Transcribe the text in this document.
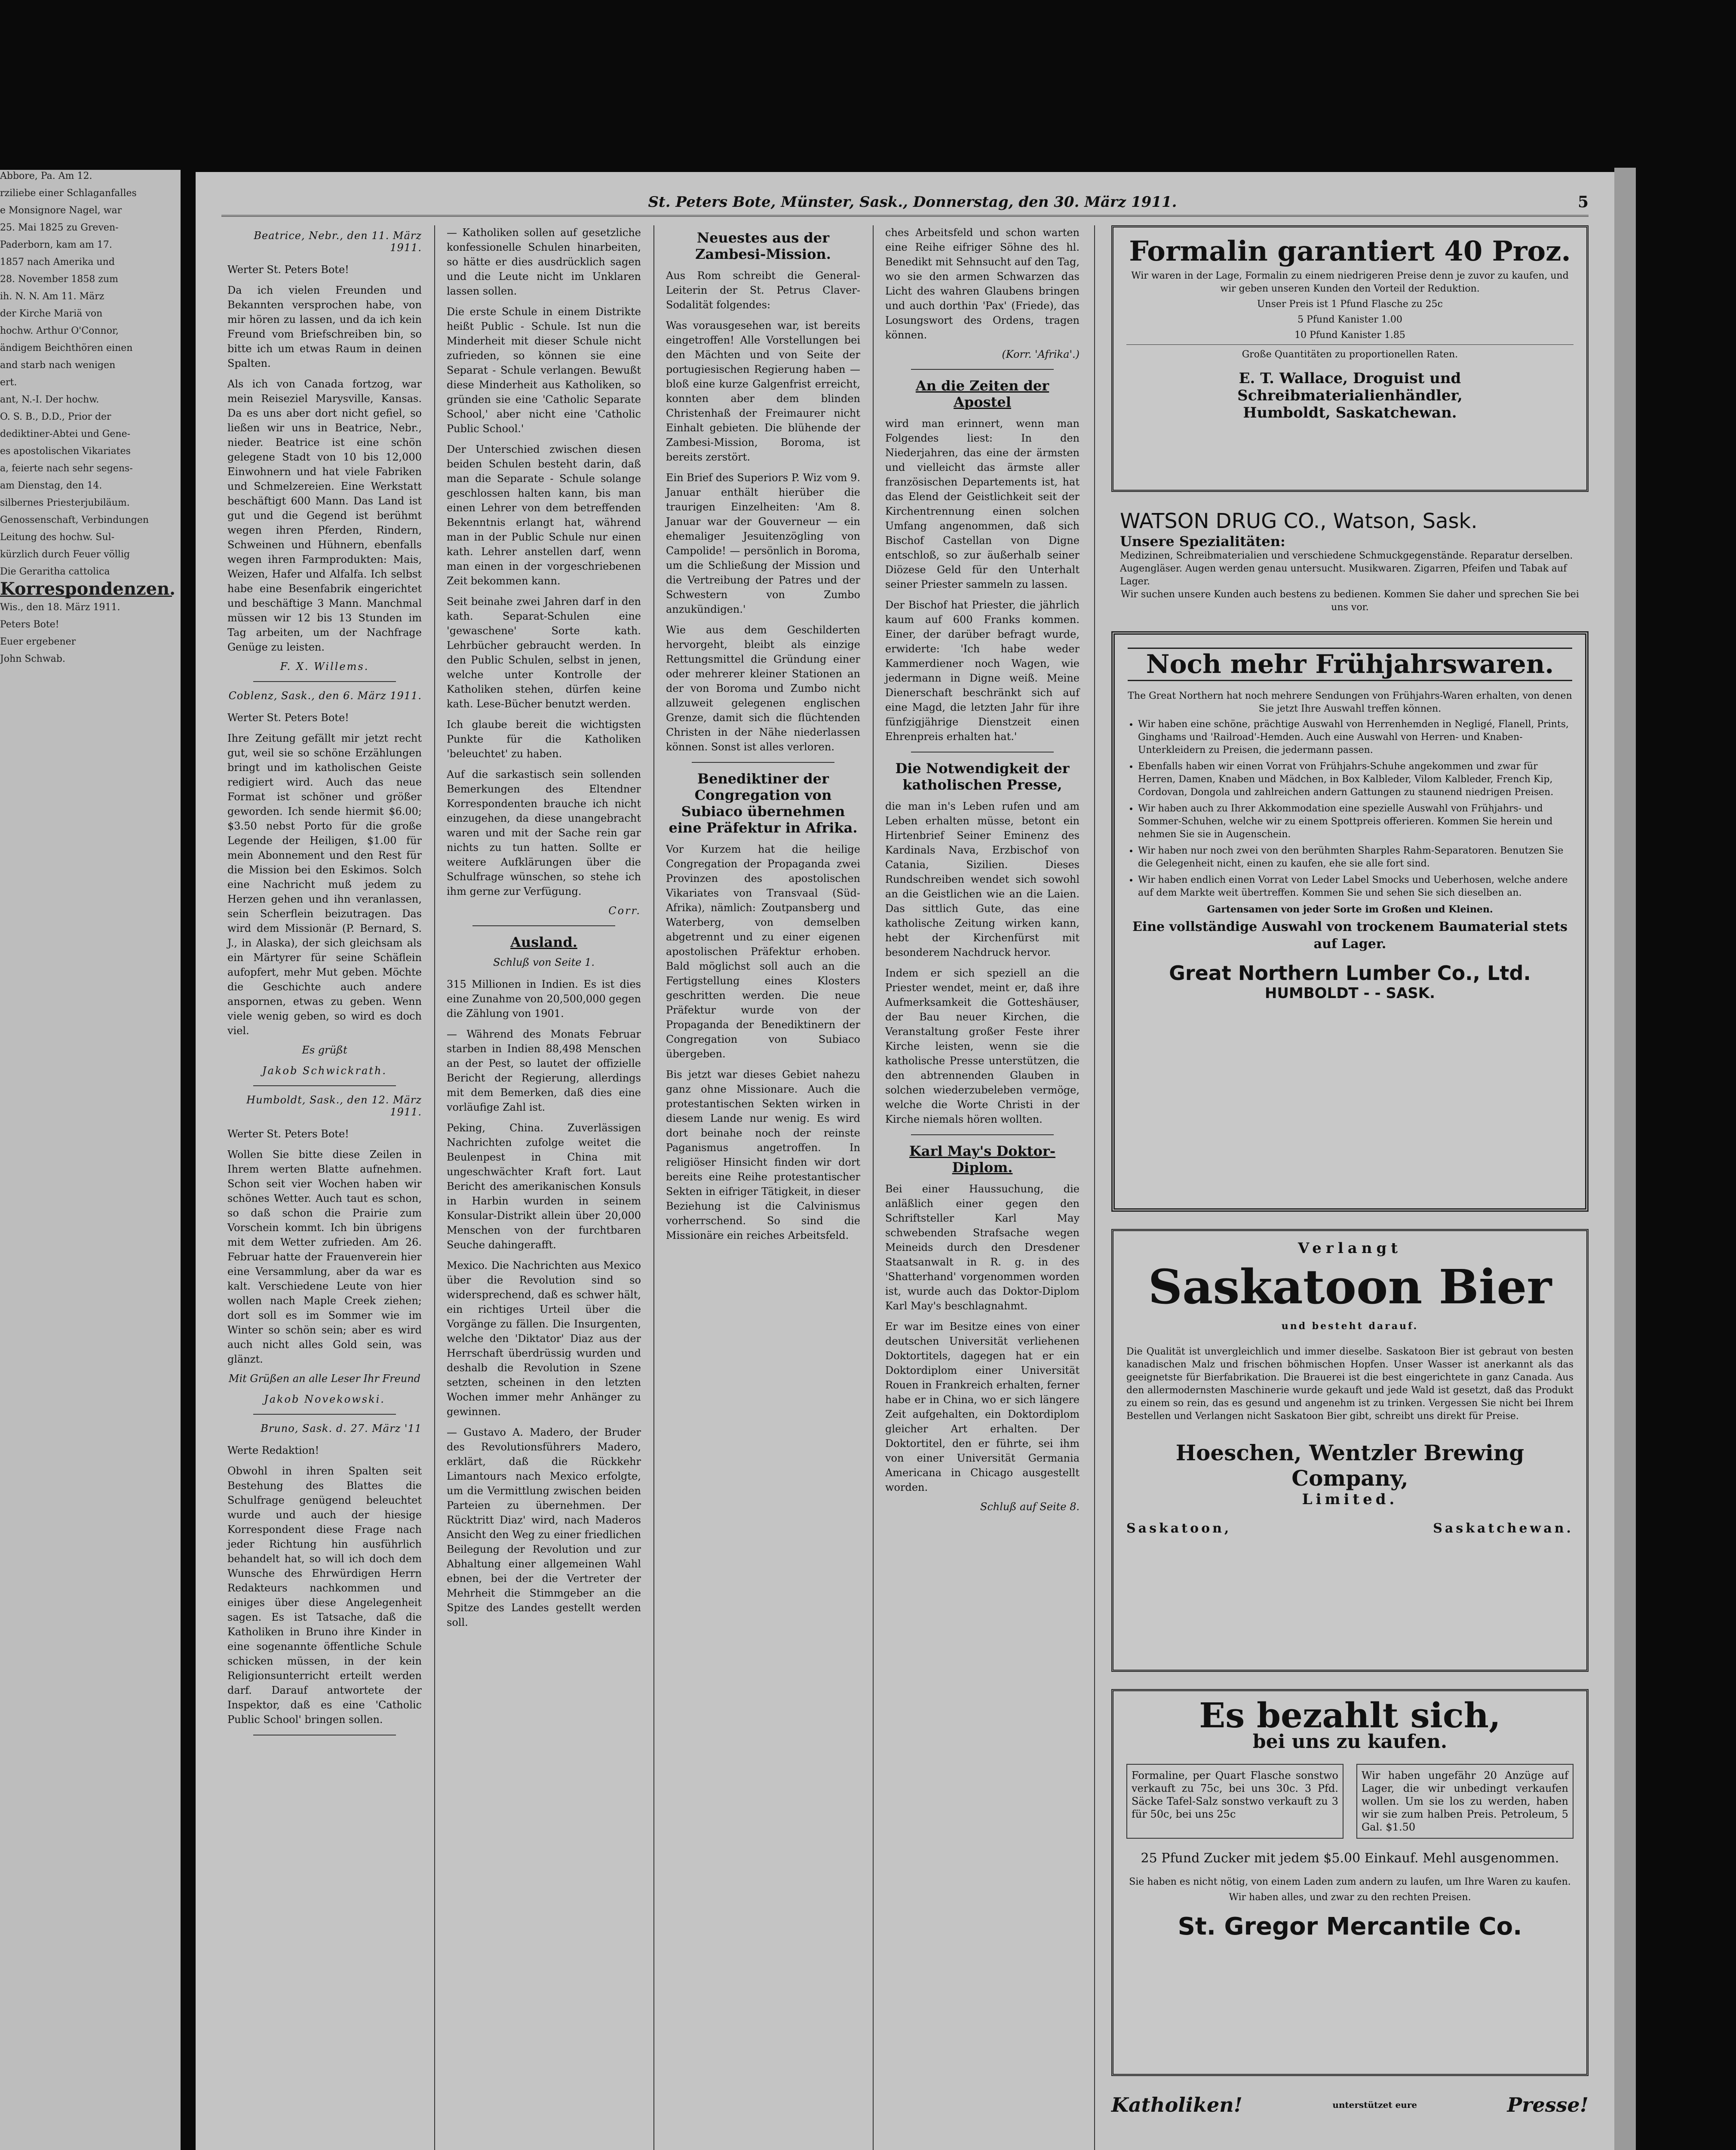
Abbore, Pa. Am 12.

rziliebe einer Schlaganfalles

e Monsignore Nagel, war

25. Mai 1825 zu Greven-

Paderborn, kam am 17.

1857 nach Amerika und

28. November 1858 zum

ih. N. N. Am 11. März

der Kirche Mariä von

hochw. Arthur O'Connor,

ändigem Beichthören einen

and starb nach wenigen

ert.

ant, N.-I. Der hochw.

O. S. B., D.D., Prior der

dediktiner-Abtei und Gene-

es apostolischen Vikariates

a, feierte nach sehr segens-

am Dienstag, den 14.

silbernes Priesterjubiläum.

Genossenschaft, Verbindungen

Leitung des hochw. Sul-

kürzlich durch Feuer völlig

Die Geraritha cattolica

Korrespondenzen.

Wis., den 18. März 1911.

Peters Bote!

Euer ergebener

John Schwab.

St. Peters Bote, Münster, Sask., Donnerstag, den 30. März 1911.	5
Beatrice, Nebr., den 11. März 1911.

Werter St. Peters Bote!

Da ich vielen Freunden und Bekannten versprochen habe, von mir hören zu lassen, und da ich kein Freund vom Briefschreiben bin, so bitte ich um etwas Raum in deinen Spalten.

Als ich von Canada fortzog, war mein Reiseziel Marysville, Kansas. Da es uns aber dort nicht gefiel, so ließen wir uns in Beatrice, Nebr., nieder. Beatrice ist eine schön gelegene Stadt von 10 bis 12,000 Einwohnern und hat viele Fabriken und Schmelzereien. Eine Werkstatt beschäftigt 600 Mann. Das Land ist gut und die Gegend ist berühmt wegen ihren Pferden, Rindern, Schweinen und Hühnern, ebenfalls wegen ihren Farmprodukten: Mais, Weizen, Hafer und Alfalfa. Ich selbst habe eine Besenfabrik eingerichtet und beschäftige 3 Mann. Manchmal müssen wir 12 bis 13 Stunden im Tag arbeiten, um der Nachfrage Genüge zu leisten.

F. X. Willems.
Coblenz, Sask., den 6. März 1911.

Werter St. Peters Bote!

Ihre Zeitung gefällt mir jetzt recht gut, weil sie so schöne Erzählungen bringt und im katholischen Geiste redigiert wird. Auch das neue Format ist schöner und größer geworden. Ich sende hiermit $6.00; $3.50 nebst Porto für die große Legende der Heiligen, $1.00 für mein Abonnement und den Rest für die Mission bei den Eskimos. Solch eine Nachricht muß jedem zu Herzen gehen und ihn veranlassen, sein Scherflein beizutragen. Das wird dem Missionär (P. Bernard, S. J., in Alaska), der sich gleichsam als ein Märtyrer für seine Schäflein aufopfert, mehr Mut geben. Möchte die Geschichte auch andere anspornen, etwas zu geben. Wenn viele wenig geben, so wird es doch viel.

Es grüßt
Jakob Schwickrath.
Humboldt, Sask., den 12. März 1911.

Werter St. Peters Bote!

Wollen Sie bitte diese Zeilen in Ihrem werten Blatte aufnehmen. Schon seit vier Wochen haben wir schönes Wetter. Auch taut es schon, so daß schon die Prairie zum Vorschein kommt. Ich bin übrigens mit dem Wetter zufrieden. Am 26. Februar hatte der Frauenverein hier eine Versammlung, aber da war es kalt. Verschiedene Leute von hier wollen nach Maple Creek ziehen; dort soll es im Sommer wie im Winter so schön sein; aber es wird auch nicht alles Gold sein, was glänzt.

Mit Grüßen an alle Leser Ihr Freund
Jakob Novekowski.
Bruno, Sask. d. 27. März '11

Werte Redaktion!

Obwohl in ihren Spalten seit Bestehung des Blattes die Schulfrage genügend beleuchtet wurde und auch der hiesige Korrespondent diese Frage nach jeder Richtung hin ausführlich behandelt hat, so will ich doch dem Wunsche des Ehrwürdigen Herrn Redakteurs nachkommen und einiges über diese Angelegenheit sagen. Es ist Tatsache, daß die Katholiken in Bruno ihre Kinder in eine sogenannte öffentliche Schule schicken müssen, in der kein Religionsunterricht erteilt werden darf. Darauf antwortete der Inspektor, daß es eine 'Catholic Public School' bringen sollen.

— Katholiken sollen auf gesetzliche konfessionelle Schulen hinarbeiten, so hätte er dies ausdrücklich sagen und die Leute nicht im Unklaren lassen sollen.

Die erste Schule in einem Distrikte heißt Public - Schule. Ist nun die Minderheit mit dieser Schule nicht zufrieden, so können sie eine Separat - Schule verlangen. Bewußt diese Minderheit aus Katholiken, so gründen sie eine 'Catholic Separate School,' aber nicht eine 'Catholic Public School.'

Der Unterschied zwischen diesen beiden Schulen besteht darin, daß man die Separate - Schule solange geschlossen halten kann, bis man einen Lehrer von dem betreffenden Bekenntnis erlangt hat, während man in der Public Schule nur einen kath. Lehrer anstellen darf, wenn man einen in der vorgeschriebenen Zeit bekommen kann.

Seit beinahe zwei Jahren darf in den kath. Separat-Schulen eine 'gewaschene' Sorte kath. Lehrbücher gebraucht werden. In den Public Schulen, selbst in jenen, welche unter Kontrolle der Katholiken stehen, dürfen keine kath. Lese-Bücher benutzt werden.

Ich glaube bereit die wichtigsten Punkte für die Katholiken 'beleuchtet' zu haben.

Auf die sarkastisch sein sollenden Bemerkungen des Eltendner Korrespondenten brauche ich nicht einzugehen, da diese unangebracht waren und mit der Sache rein gar nichts zu tun hatten. Sollte er weitere Aufklärungen über die Schulfrage wünschen, so stehe ich ihm gerne zur Verfügung.

Corr.
Ausland.
Schluß von Seite 1.

315 Millionen in Indien. Es ist dies eine Zunahme von 20,500,000 gegen die Zählung von 1901.

— Während des Monats Februar starben in Indien 88,498 Menschen an der Pest, so lautet der offizielle Bericht der Regierung, allerdings mit dem Bemerken, daß dies eine vorläufige Zahl ist.

Peking, China. Zuverlässigen Nachrichten zufolge weitet die Beulenpest in China mit ungeschwächter Kraft fort. Laut Bericht des amerikanischen Konsuls in Harbin wurden in seinem Konsular-Distrikt allein über 20,000 Menschen von der furchtbaren Seuche dahingerafft.

Mexico. Die Nachrichten aus Mexico über die Revolution sind so widersprechend, daß es schwer hält, ein richtiges Urteil über die Vorgänge zu fällen. Die Insurgenten, welche den 'Diktator' Diaz aus der Herrschaft überdrüssig wurden und deshalb die Revolution in Szene setzten, scheinen in den letzten Wochen immer mehr Anhänger zu gewinnen.

— Gustavo A. Madero, der Bruder des Revolutionsführers Madero, erklärt, daß die Rückkehr Limantours nach Mexico erfolgte, um die Vermittlung zwischen beiden Parteien zu übernehmen. Der Rücktritt Diaz' wird, nach Maderos Ansicht den Weg zu einer friedlichen Beilegung der Revolution und zur Abhaltung einer allgemeinen Wahl ebnen, bei der die Vertreter der Mehrheit die Stimmgeber an die Spitze des Landes gestellt werden soll.

Neuestes aus der Zambesi-Mission.

Aus Rom schreibt die General-Leiterin der St. Petrus Claver-Sodalität folgendes:

Was vorausgesehen war, ist bereits eingetroffen! Alle Vorstellungen bei den Mächten und von Seite der portugiesischen Regierung haben — bloß eine kurze Galgenfrist erreicht, konnten aber dem blinden Christenhaß der Freimaurer nicht Einhalt gebieten. Die blühende der Zambesi-Mission, Boroma, ist bereits zerstört.

Ein Brief des Superiors P. Wiz vom 9. Januar enthält hierüber die traurigen Einzelheiten: 'Am 8. Januar war der Gouverneur — ein ehemaliger Jesuitenzögling von Campolide! — persönlich in Boroma, um die Schließung der Mission und die Vertreibung der Patres und der Schwestern von Zumbo anzukündigen.'

Wie aus dem Geschilderten hervorgeht, bleibt als einzige Rettungsmittel die Gründung einer oder mehrerer kleiner Stationen an der von Boroma und Zumbo nicht allzuweit gelegenen englischen Grenze, damit sich die flüchtenden Christen in der Nähe niederlassen können. Sonst ist alles verloren.

Benediktiner der Congregation von Subiaco übernehmen eine Präfektur in Afrika.

Vor Kurzem hat die heilige Congregation der Propaganda zwei Provinzen des apostolischen Vikariates von Transvaal (Süd-Afrika), nämlich: Zoutpansberg und Waterberg, von demselben abgetrennt und zu einer eigenen apostolischen Präfektur erhoben. Bald möglichst soll auch an die Fertigstellung eines Klosters geschritten werden. Die neue Präfektur wurde von der Propaganda der Benediktinern der Congregation von Subiaco übergeben.

Bis jetzt war dieses Gebiet nahezu ganz ohne Missionare. Auch die protestantischen Sekten wirken in diesem Lande nur wenig. Es wird dort beinahe noch der reinste Paganismus angetroffen. In religiöser Hinsicht finden wir dort bereits eine Reihe protestantischer Sekten in eifriger Tätigkeit, in dieser Beziehung ist die Calvinismus vorherrschend. So sind die Missionäre ein reiches Arbeitsfeld.

ches Arbeitsfeld und schon warten eine Reihe eifriger Söhne des hl. Benedikt mit Sehnsucht auf den Tag, wo sie den armen Schwarzen das Licht des wahren Glaubens bringen und auch dorthin 'Pax' (Friede), das Losungswort des Ordens, tragen können.

(Korr. 'Afrika'.)
An die Zeiten der Apostel

wird man erinnert, wenn man Folgendes liest: In den Niederjahren, das eine der ärmsten und vielleicht das ärmste aller französischen Departements ist, hat das Elend der Geistlichkeit seit der Kirchentrennung einen solchen Umfang angenommen, daß sich Bischof Castellan von Digne entschloß, so zur äußerhalb seiner Diözese Geld für den Unterhalt seiner Priester sammeln zu lassen.

Der Bischof hat Priester, die jährlich kaum auf 600 Franks kommen. Einer, der darüber befragt wurde, erwiderte: 'Ich habe weder Kammerdiener noch Wagen, wie jedermann in Digne weiß. Meine Dienerschaft beschränkt sich auf eine Magd, die letzten Jahr für ihre fünfzigjährige Dienstzeit einen Ehrenpreis erhalten hat.'

Die Notwendigkeit der katholischen Presse,

die man in's Leben rufen und am Leben erhalten müsse, betont ein Hirtenbrief Seiner Eminenz des Kardinals Nava, Erzbischof von Catania, Sizilien. Dieses Rundschreiben wendet sich sowohl an die Geistlichen wie an die Laien. Das sittlich Gute, das eine katholische Zeitung wirken kann, hebt der Kirchenfürst mit besonderem Nachdruck hervor.

Indem er sich speziell an die Priester wendet, meint er, daß ihre Aufmerksamkeit die Gotteshäuser, der Bau neuer Kirchen, die Veranstaltung großer Feste ihrer Kirche leisten, wenn sie die katholische Presse unterstützen, die den abtrennenden Glauben in solchen wiederzubeleben vermöge, welche die Worte Christi in der Kirche niemals hören wollten.

Karl May's Doktor-Diplom.

Bei einer Haussuchung, die anläßlich einer gegen den Schriftsteller Karl May schwebenden Strafsache wegen Meineids durch den Dresdener Staatsanwalt in R. g. in des 'Shatterhand' vorgenommen worden ist, wurde auch das Doktor-Diplom Karl May's beschlagnahmt.

Er war im Besitze eines von einer deutschen Universität verliehenen Doktortitels, dagegen hat er ein Doktordiplom einer Universität Rouen in Frankreich erhalten, ferner habe er in China, wo er sich längere Zeit aufgehalten, ein Doktordiplom gleicher Art erhalten. Der Doktortitel, den er führte, sei ihm von einer Universität Germania Americana in Chicago ausgestellt worden.

Schluß auf Seite 8.
Formalin garantiert 40 Proz.
Wir waren in der Lage, Formalin zu einem niedrigeren Preise denn je zuvor zu kaufen, und wir geben unseren Kunden den Vorteil der Reduktion.
Unser Preis ist 1 Pfund Flasche zu 25c
5 Pfund Kanister 1.00
10 Pfund Kanister 1.85
Große Quantitäten zu proportionellen Raten.
E. T. Wallace, Droguist und Schreibmaterialienhändler,
Humboldt, Saskatchewan.
WATSON DRUG CO., Watson, Sask.
Unsere Spezialitäten:
Medizinen, Schreibmaterialien und verschiedene Schmuckgegenstände. Reparatur derselben. Augengläser. Augen werden genau untersucht. Musikwaren. Zigarren, Pfeifen und Tabak auf Lager.
Wir suchen unsere Kunden auch bestens zu bedienen. Kommen Sie daher und sprechen Sie bei uns vor.
Noch mehr Frühjahrswaren.
The Great Northern hat noch mehrere Sendungen von Frühjahrs-Waren erhalten, von denen Sie jetzt Ihre Auswahl treffen können.
• Wir haben eine schöne, prächtige Auswahl von Herrenhemden in Negligé, Flanell, Prints, Ginghams und 'Railroad'-Hemden. Auch eine Auswahl von Herren- und Knaben-Unterkleidern zu Preisen, die jedermann passen.
• Ebenfalls haben wir einen Vorrat von Frühjahrs-Schuhe angekommen und zwar für Herren, Damen, Knaben und Mädchen, in Box Kalbleder, Vilom Kalbleder, French Kip, Cordovan, Dongola und zahlreichen andern Gattungen zu staunend niedrigen Preisen.
• Wir haben auch zu Ihrer Akkommodation eine spezielle Auswahl von Frühjahrs- und Sommer-Schuhen, welche wir zu einem Spottpreis offerieren. Kommen Sie herein und nehmen Sie sie in Augenschein.
• Wir haben nur noch zwei von den berühmten Sharples Rahm-Separatoren. Benutzen Sie die Gelegenheit nicht, einen zu kaufen, ehe sie alle fort sind.
• Wir haben endlich einen Vorrat von Leder Label Smocks und Ueberhosen, welche andere auf dem Markte weit übertreffen. Kommen Sie und sehen Sie sich dieselben an.
Gartensamen von jeder Sorte im Großen und Kleinen.
Eine vollständige Auswahl von trockenem Baumaterial stets auf Lager.
Great Northern Lumber Co., Ltd.
HUMBOLDT - - SASK.
Verlangt
Saskatoon Bier
und besteht darauf.
Die Qualität ist unvergleichlich und immer dieselbe. Saskatoon Bier ist gebraut von besten kanadischen Malz und frischen böhmischen Hopfen. Unser Wasser ist anerkannt als das geeignetste für Bierfabrikation. Die Brauerei ist die best eingerichtete in ganz Canada. Aus den allermodernsten Maschinerie wurde gekauft und jede Wald ist gesetzt, daß das Produkt zu einem so rein, das es gesund und angenehm ist zu trinken. Vergessen Sie nicht bei Ihrem Bestellen und Verlangen nicht Saskatoon Bier gibt, schreibt uns direkt für Preise.
Hoeschen, Wentzler Brewing Company,
Limited.
Saskatoon,	Saskatchewan.
Es bezahlt sich,
bei uns zu kaufen.
Formaline, per Quart Flasche sonstwo verkauft zu 75c, bei uns 30c. 3 Pfd. Säcke Tafel-Salz sonstwo verkauft zu 3 für 50c, bei uns 25c
Wir haben ungefähr 20 Anzüge auf Lager, die wir unbedingt verkaufen wollen. Um sie los zu werden, haben wir sie zum halben Preis. Petroleum, 5 Gal. $1.50
25 Pfund Zucker mit jedem $5.00 Einkauf. Mehl ausgenommen.
Sie haben es nicht nötig, von einem Laden zum andern zu laufen, um Ihre Waren zu kaufen.
Wir haben alles, und zwar zu den rechten Preisen.
St. Gregor Mercantile Co.
Katholiken!	unterstützet eure	Presse!
